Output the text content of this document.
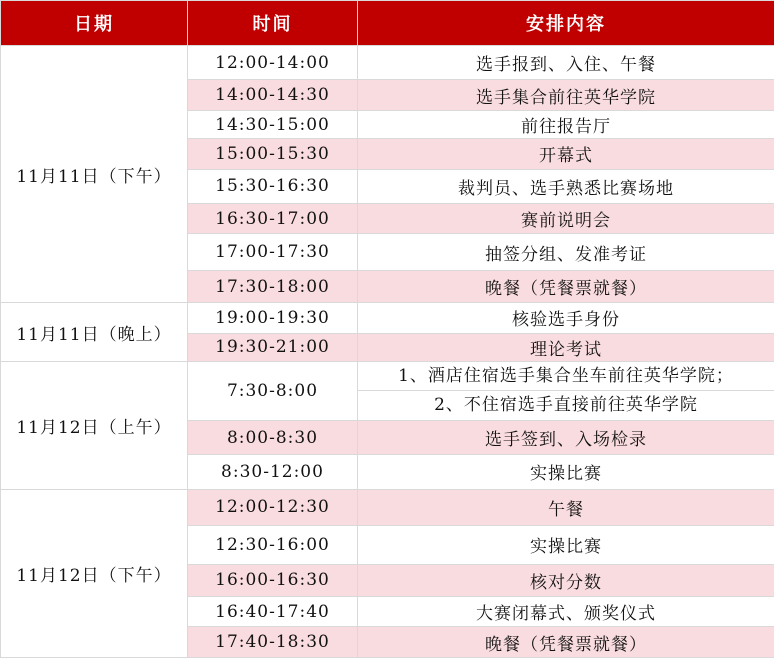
日期	时间	安排内容
11月11日（下午）	12:00-14:00	选手报到、入住、午餐
	14:00-14:30	选手集合前往英华学院
	14:30-15:00	前往报告厅
	15:00-15:30	开幕式
	15:30-16:30	裁判员、选手熟悉比赛场地
	16:30-17:00	赛前说明会
	17:00-17:30	抽签分组、发准考证
	17:30-18:00	晚餐（凭餐票就餐）
11月11日（晚上）	19:00-19:30	核验选手身份
	19:30-21:00	理论考试
11月12日（上午）	7:30-8:00	1、酒店住宿选手集合坐车前往英华学院；
2、不住宿选手直接前往英华学院

	8:00-8:30	选手签到、入场检录
	8:30-12:00	实操比赛
11月12日（下午）	12:00-12:30	午餐
	12:30-16:00	实操比赛
	16:00-16:30	核对分数
	16:40-17:40	大赛闭幕式、颁奖仪式
	17:40-18:30	晚餐（凭餐票就餐）
